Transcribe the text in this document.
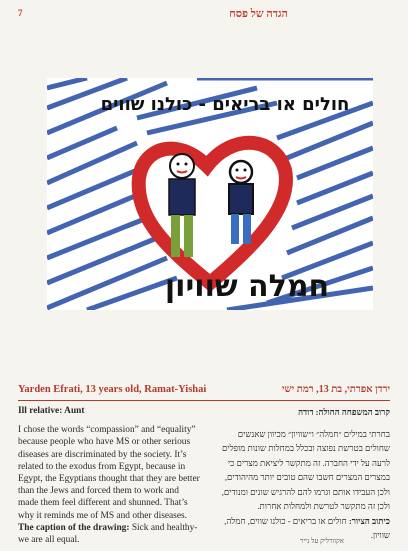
7	הגדה של פסח
חולים או בריאים - כולנו שווים
חמלה שוויון
Yarden Efrati, 13 years old, Ramat-Yishai	ירדן אפרתי, בת 13, רמת ישי
Ill relative: Aunt

I chose the words “compassion” and “equality” because people who have MS or other serious diseases are discriminated by the society. It’s related to the exodus from Egypt, because in Egypt, the Egyptians thought that they are better than the Jews and forced them to work and made them feel different and shunned. That’s why it reminds me of MS and other diseases.

The caption of the drawing: Sick and healthy-we are all equal.

קרוב המשפחה החולה: דודה

בחרתי במילים ״חמלה״ ו״שוויון״ מכיוון שאנשים שחולים בטרשת נפוצה ובכלל במחלות שונות מופלים לרעה על ידי החברה. זה מתקשר ליציאת מצרים כי במצרים המצרים חשבו שהם טובים יותר מהיהודים, ולכן העבידו אותם וגרמו להם להרגיש שונים ומנודים, ולכן זה מתקשר לטרשת ולמחלות אחרות.

כיתוב הציור: חולים או בריאים - כולנו שווים, חמלה, שוויון.

אקוורליק על נייר
